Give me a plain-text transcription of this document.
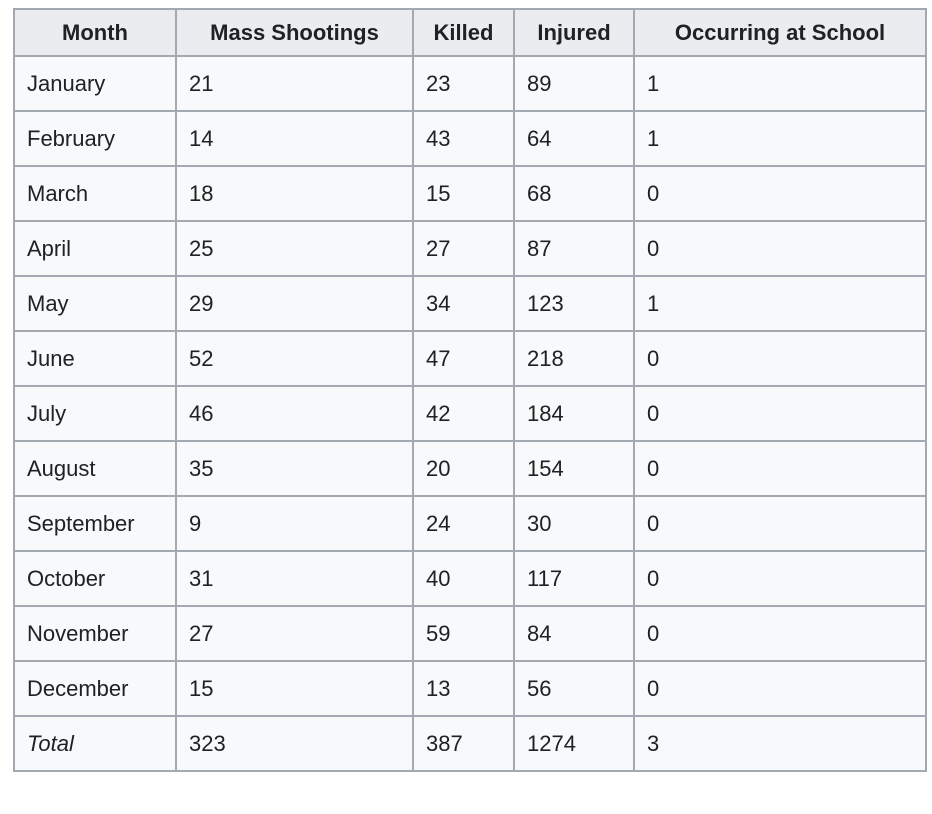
Month	Mass Shootings	Killed	Injured	Occurring at School
January	21	23	89	1
February	14	43	64	1
March	18	15	68	0
April	25	27	87	0
May	29	34	123	1
June	52	47	218	0
July	46	42	184	0
August	35	20	154	0
September	9	24	30	0
October	31	40	117	0
November	27	59	84	0
December	15	13	56	0
Total	323	387	1274	3
